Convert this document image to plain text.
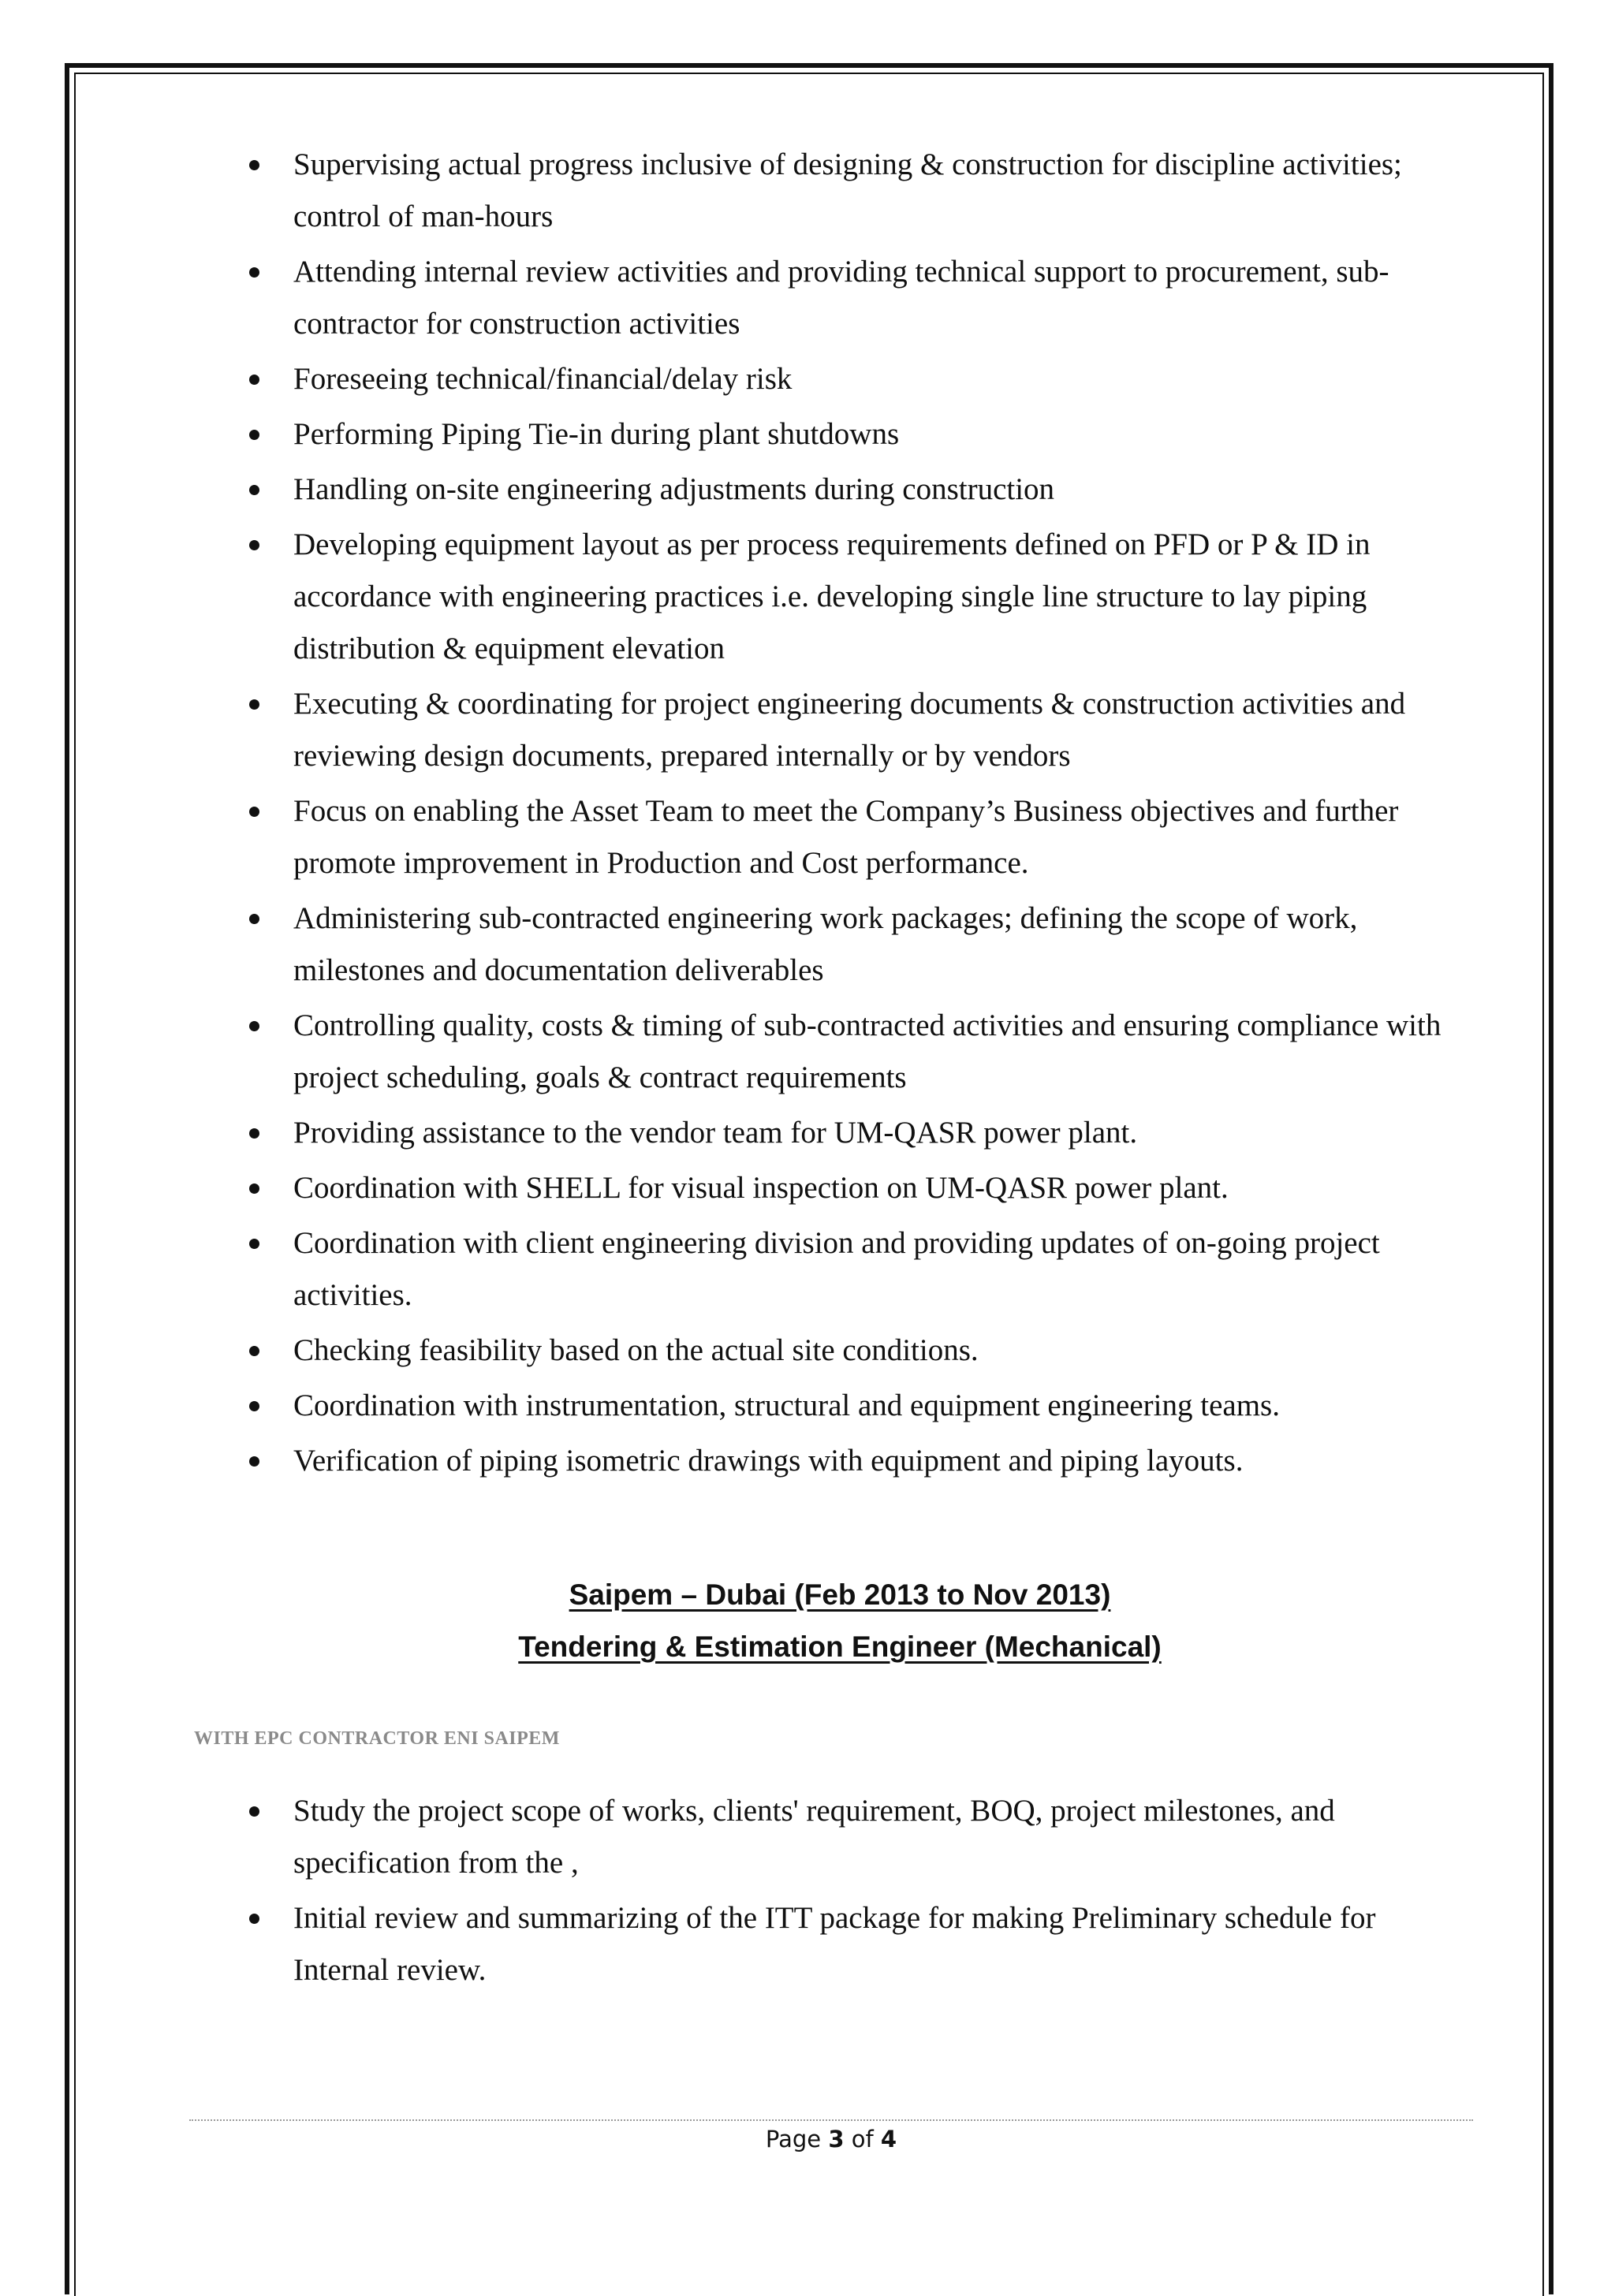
Supervising actual progress inclusive of designing & construction for discipline activities; control of man-hours
Attending internal review activities and providing technical support to procurement, sub-contractor for construction activities
Foreseeing technical/financial/delay risk
Performing Piping Tie-in during plant shutdowns
Handling on-site engineering adjustments during construction
Developing equipment layout as per process requirements defined on PFD or P & ID in accordance with engineering practices i.e. developing single line structure to lay piping distribution & equipment elevation
Executing & coordinating for project engineering documents & construction activities and reviewing design documents, prepared internally or by vendors
Focus on enabling the Asset Team to meet the Company’s Business objectives and further promote improvement in Production and Cost performance.
Administering sub-contracted engineering work packages; defining the scope of work, milestones and documentation deliverables
Controlling quality, costs & timing of sub-contracted activities and ensuring compliance with project scheduling, goals & contract requirements
Providing assistance to the vendor team for UM-QASR power plant.
Coordination with SHELL for visual inspection on UM-QASR power plant.
Coordination with client engineering division and providing updates of on-going project activities.
Checking feasibility based on the actual site conditions.
Coordination with instrumentation, structural and equipment engineering teams.
Verification of piping isometric drawings with equipment and piping layouts.
Saipem – Dubai (Feb 2013 to Nov 2013)
Tendering & Estimation Engineer (Mechanical)
WITH EPC CONTRACTOR ENI SAIPEM
Study the project scope of works, clients' requirement, BOQ, project milestones, and specification from the ,
Initial review and summarizing of the ITT package for making Preliminary schedule for Internal review.
Page 3 of 4
